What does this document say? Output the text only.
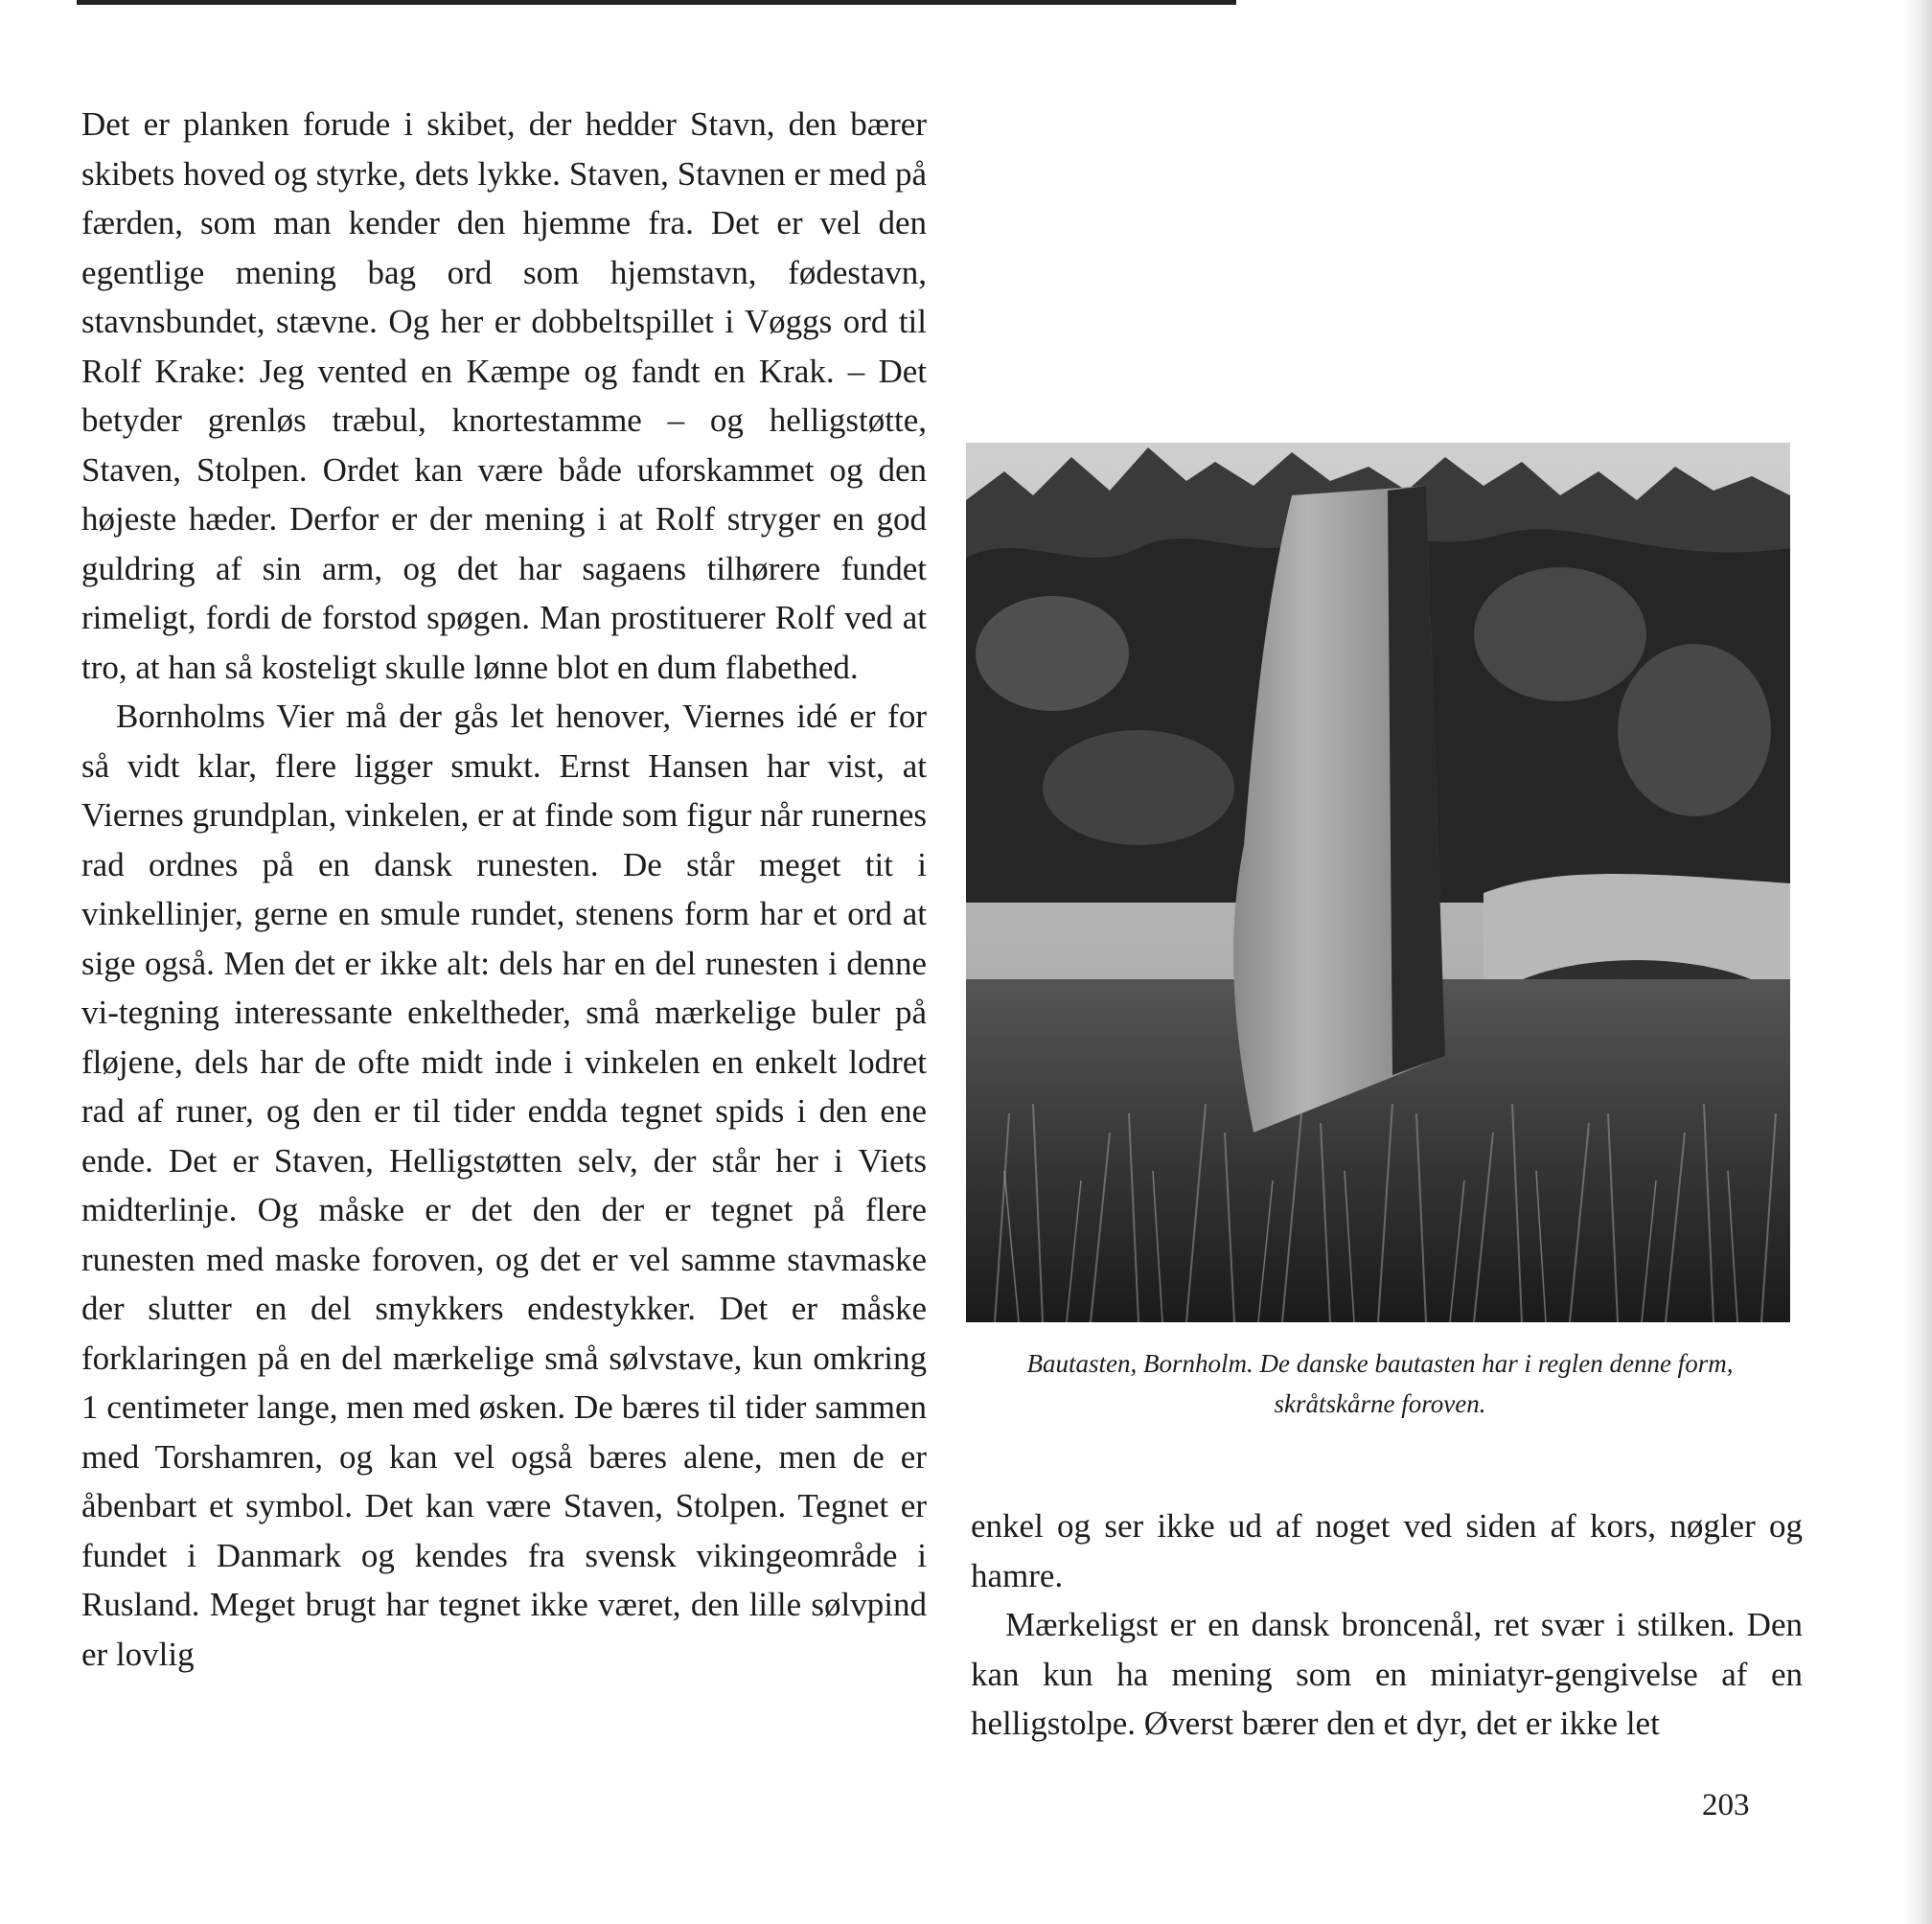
Det er planken forude i skibet, der hedder Stavn, den bærer skibets hoved og styrke, dets lykke. Staven, Stavnen er med på færden, som man kender den hjemme fra. Det er vel den egentlige mening bag ord som hjemstavn, fødestavn, stavnsbundet, stævne. Og her er dobbeltspillet i Vøggs ord til Rolf Krake: Jeg vented en Kæmpe og fandt en Krak. – Det betyder grenløs træbul, knortestamme – og helligstøtte, Staven, Stolpen. Ordet kan være både uforskammet og den højeste hæder. Derfor er der mening i at Rolf stryger en god guldring af sin arm, og det har sagaens tilhørere fundet rimeligt, fordi de forstod spøgen. Man prostituerer Rolf ved at tro, at han så kosteligt skulle lønne blot en dum flabethed.

Bornholms Vier må der gås let henover, Viernes idé er for så vidt klar, flere ligger smukt. Ernst Hansen har vist, at Viernes grundplan, vinkelen, er at finde som figur når runernes rad ordnes på en dansk runesten. De står meget tit i vinkellinjer, gerne en smule rundet, stenens form har et ord at sige også. Men det er ikke alt: dels har en del runesten i denne vi-tegning interessante enkeltheder, små mærkelige buler på fløjene, dels har de ofte midt inde i vinkelen en enkelt lodret rad af runer, og den er til tider endda tegnet spids i den ene ende. Det er Staven, Helligstøtten selv, der står her i Viets midterlinje. Og måske er det den der er tegnet på flere runesten med maske foroven, og det er vel samme stavmaske der slutter en del smykkers endestykker. Det er måske forklaringen på en del mærkelige små sølvstave, kun omkring 1 centimeter lange, men med øsken. De bæres til tider sammen med Torshamren, og kan vel også bæres alene, men de er åbenbart et symbol. Det kan være Staven, Stolpen. Tegnet er fundet i Danmark og kendes fra svensk vikingeområde i Rusland. Meget brugt har tegnet ikke været, den lille sølvpind er lovlig

Bautasten, Bornholm. De danske bautasten har i reglen denne form,
skråtskårne foroven.

enkel og ser ikke ud af noget ved siden af kors, nøgler og hamre.

Mærkeligst er en dansk broncenål, ret svær i stilken. Den kan kun ha mening som en miniatyr-gengivelse af en helligstolpe. Øverst bærer den et dyr, det er ikke let

203
